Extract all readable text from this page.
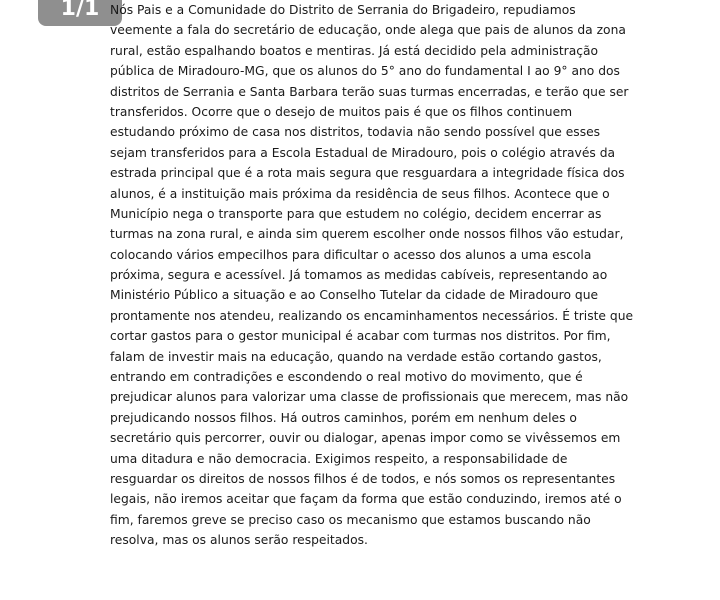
1/1 Nós Pais e a Comunidade do Distrito de Serrania do Brigadeiro, repudiamos
veemente a fala do secretário de educação, onde alega que pais de alunos da zona
rural, estão espalhando boatos e mentiras. Já está decidido pela administração
pública de Miradouro-MG, que os alunos do 5° ano do fundamental I ao 9° ano dos
distritos de Serrania e Santa Barbara terão suas turmas encerradas, e terão que ser
transferidos. Ocorre que o desejo de muitos pais é que os filhos continuem
estudando próximo de casa nos distritos, todavia não sendo possível que esses
sejam transferidos para a Escola Estadual de Miradouro, pois o colégio através da
estrada principal que é a rota mais segura que resguardara a integridade física dos
alunos, é a instituição mais próxima da residência de seus filhos. Acontece que o
Município nega o transporte para que estudem no colégio, decidem encerrar as
turmas na zona rural, e ainda sim querem escolher onde nossos filhos vão estudar,
colocando vários empecilhos para dificultar o acesso dos alunos a uma escola
próxima, segura e acessível. Já tomamos as medidas cabíveis, representando ao
Ministério Público a situação e ao Conselho Tutelar da cidade de Miradouro que
prontamente nos atendeu, realizando os encaminhamentos necessários. É triste que
cortar gastos para o gestor municipal é acabar com turmas nos distritos. Por fim,
falam de investir mais na educação, quando na verdade estão cortando gastos,
entrando em contradições e escondendo o real motivo do movimento, que é
prejudicar alunos para valorizar uma classe de profissionais que merecem, mas não
prejudicando nossos filhos. Há outros caminhos, porém em nenhum deles o
secretário quis percorrer, ouvir ou dialogar, apenas impor como se vivêssemos em
uma ditadura e não democracia. Exigimos respeito, a responsabilidade de
resguardar os direitos de nossos filhos é de todos, e nós somos os representantes
legais, não iremos aceitar que façam da forma que estão conduzindo, iremos até o
fim, faremos greve se preciso caso os mecanismo que estamos buscando não
resolva, mas os alunos serão respeitados.
